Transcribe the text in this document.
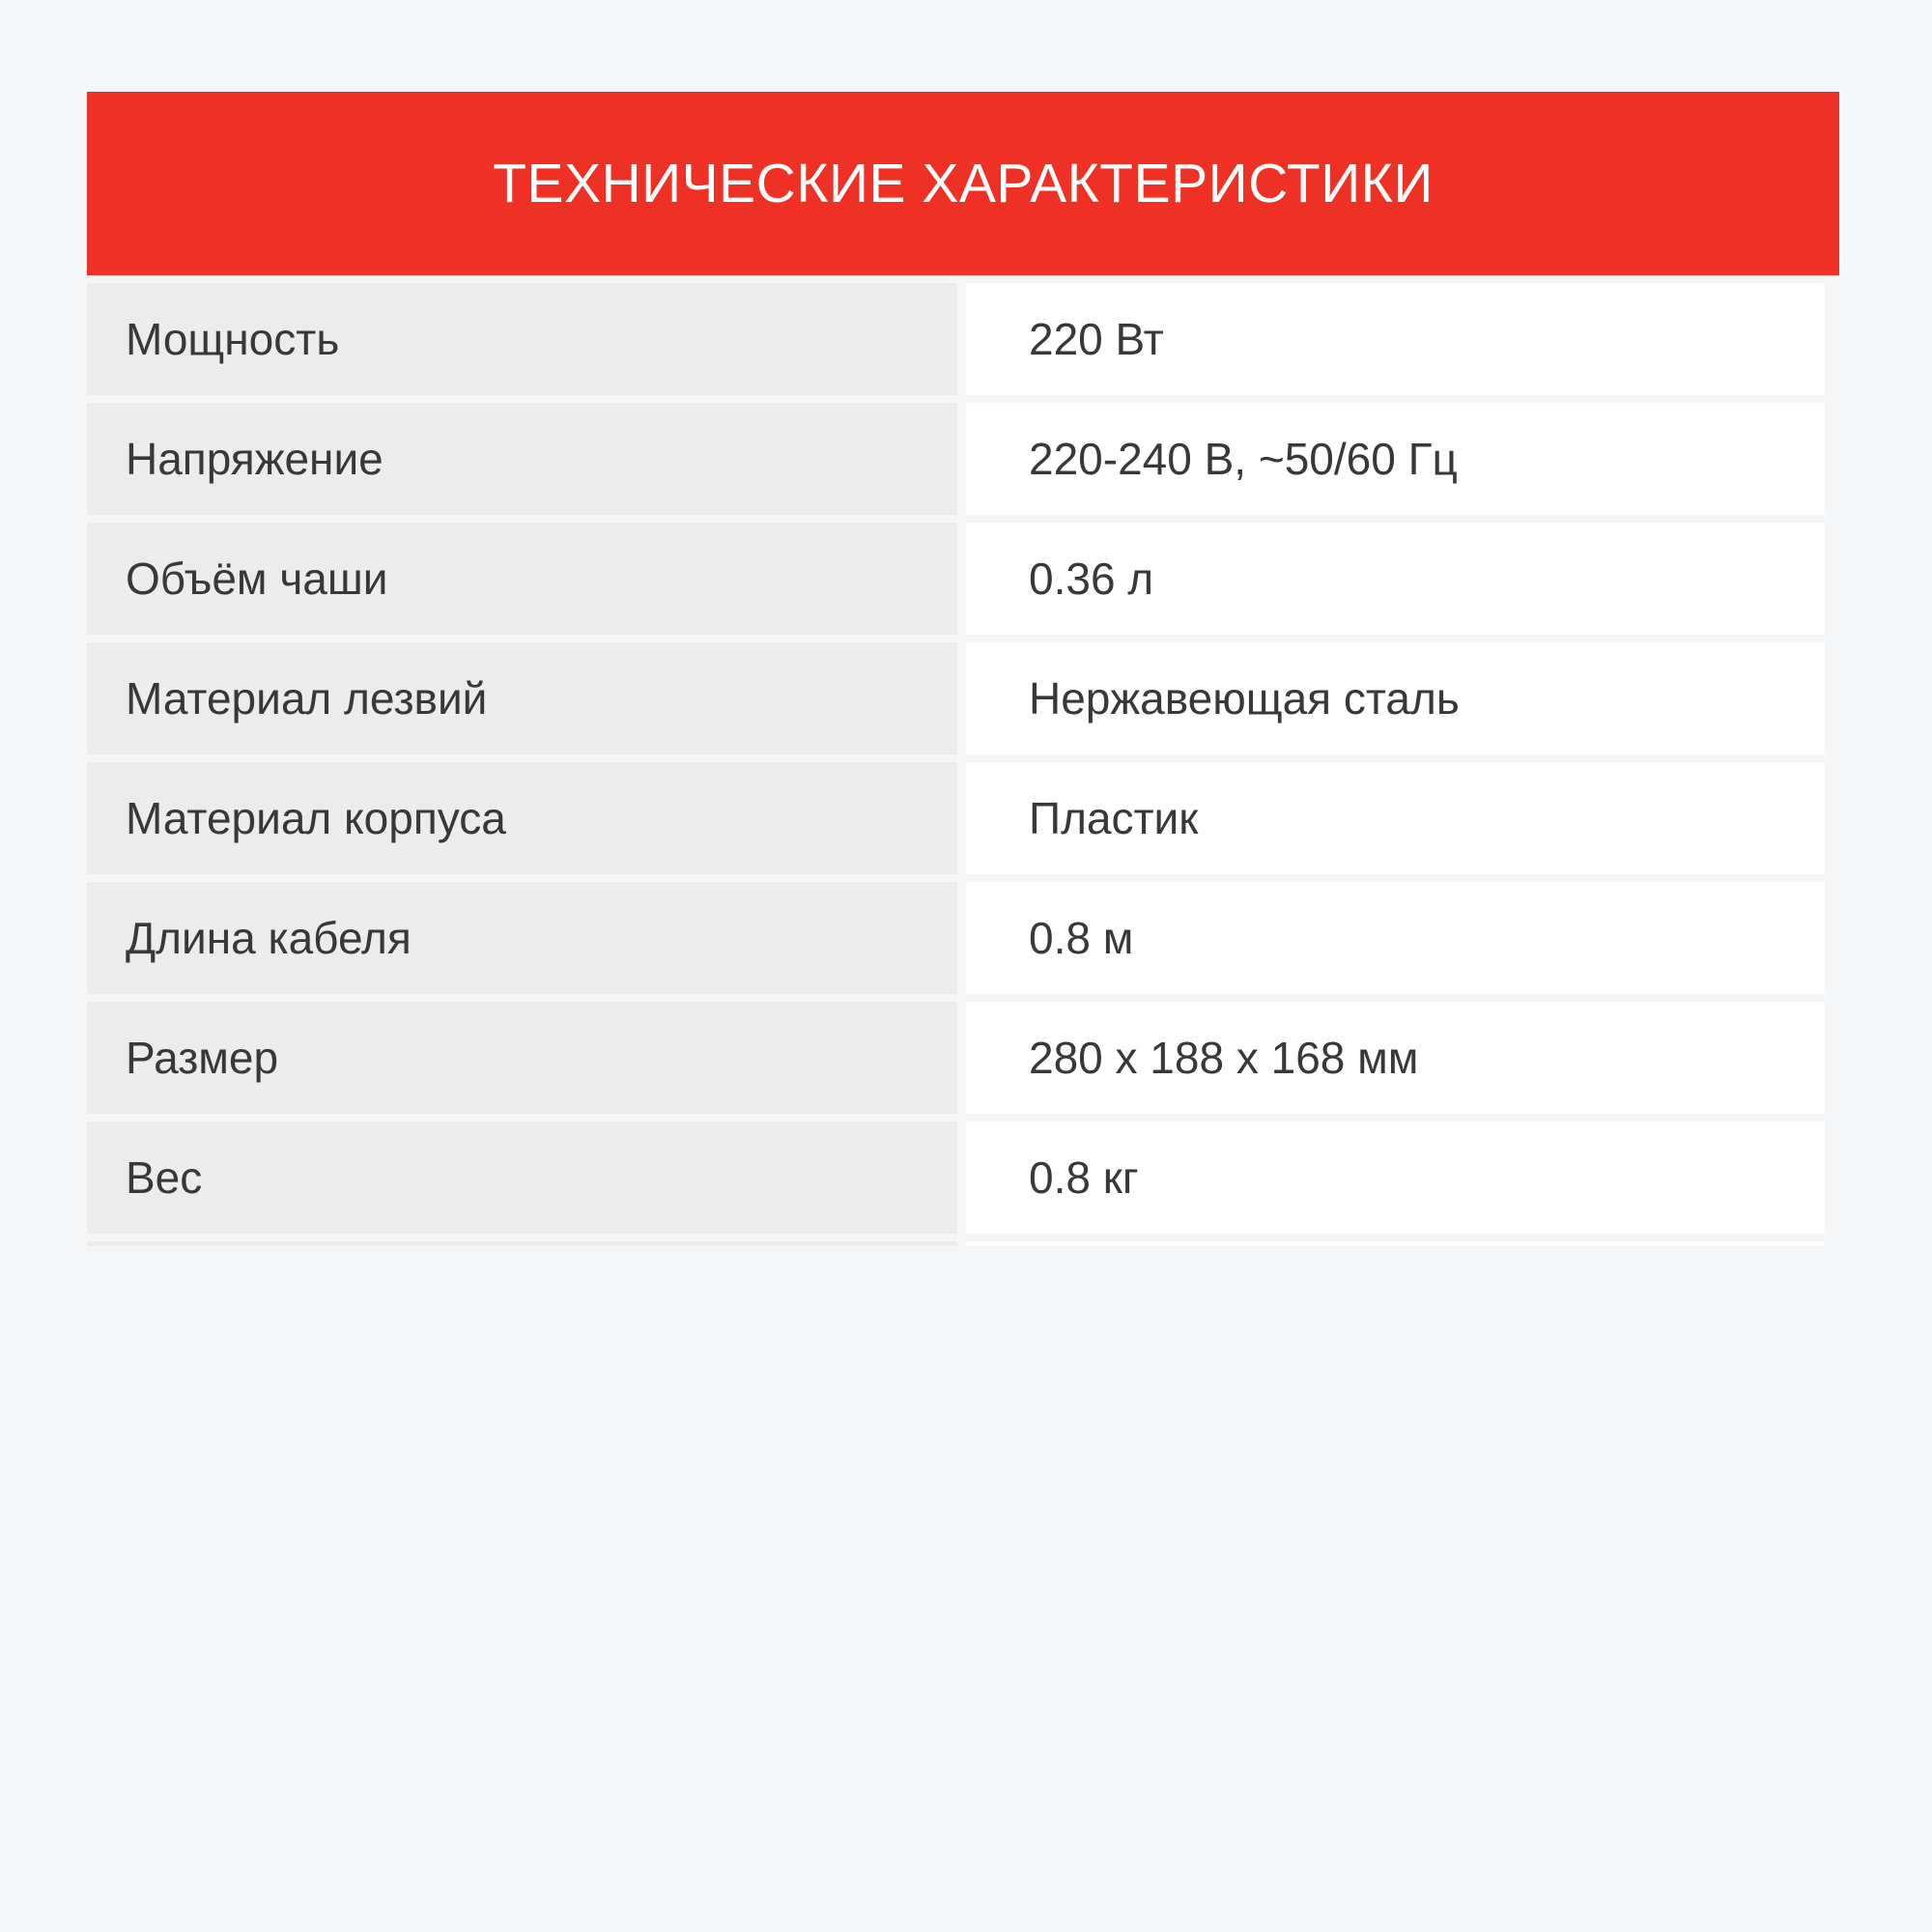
ТЕХНИЧЕСКИЕ ХАРАКТЕРИСТИКИ
Мощность	220 Вт
Напряжение	220-240 В, ~50/60 Гц
Объём чаши	0.36 л
Материал лезвий	Нержавеющая сталь
Материал корпуса	Пластик
Длина кабеля	0.8 м
Размер	280 x 188 x 168 мм
Вес	0.8 кг
